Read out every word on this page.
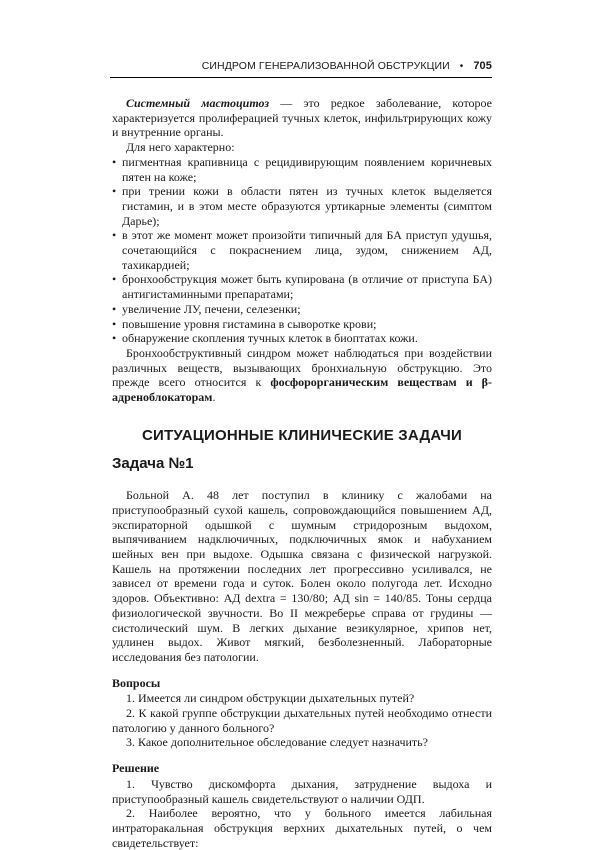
СИНДРОМ ГЕНЕРАЛИЗОВАННОЙ ОБСТРУКЦИИ • 705

Системный мастоцитоз — это редкое заболевание, которое характеризуется пролиферацией тучных клеток, инфильтрирующих кожу и внутренние органы.

Для него характерно:

• пигментная крапивница с рецидивирующим появлением коричневых пятен на коже;
• при трении кожи в области пятен из тучных клеток выделяется гистамин, и в этом месте образуются уртикарные элементы (симптом Дарье);
• в этот же момент может произойти типичный для БА приступ удушья, сочетающийся с покраснением лица, зудом, снижением АД, тахикардией;
• бронхообструкция может быть купирована (в отличие от приступа БА) антигистаминными препаратами;
• увеличение ЛУ, печени, селезенки;
• повышение уровня гистамина в сыворотке крови;
• обнаружение скопления тучных клеток в биоптатах кожи.

Бронхообструктивный синдром может наблюдаться при воздействии различных веществ, вызывающих бронхиальную обструкцию. Это прежде всего относится к фосфорорганическим веществам и β-адреноблокаторам.

СИТУАЦИОННЫЕ КЛИНИЧЕСКИЕ ЗАДАЧИ
Задача №1

Больной А. 48 лет поступил в клинику с жалобами на приступообразный сухой кашель, сопровождающийся повышением АД, экспираторной одышкой с шумным стридорозным выдохом, выпячиванием надключичных, подключичных ямок и набуханием шейных вен при выдохе. Одышка связана с физической нагрузкой. Кашель на протяжении последних лет прогрессивно усиливался, не зависел от времени года и суток. Болен около полугода лет. Исходно здоров. Объективно: АД dextra = 130/80; АД sin = 140/85. Тоны сердца физиологической звучности. Во II межреберье справа от грудины — систолический шум. В легких дыхание везикулярное, хрипов нет, удлинен выдох. Живот мягкий, безболезненный. Лабораторные исследования без патологии.

Вопросы

1. Имеется ли синдром обструкции дыхательных путей?

2. К какой группе обструкции дыхательных путей необходимо отнести патологию у данного больного?

3. Какое дополнительное обследование следует назначить?

Решение

1. Чувство дискомфорта дыхания, затруднение выдоха и приступообразный кашель свидетельствуют о наличии ОДП.

2. Наиболее вероятно, что у больного имеется лабильная интраторакальная обструкция верхних дыхательных путей, о чем свидетельствует:
